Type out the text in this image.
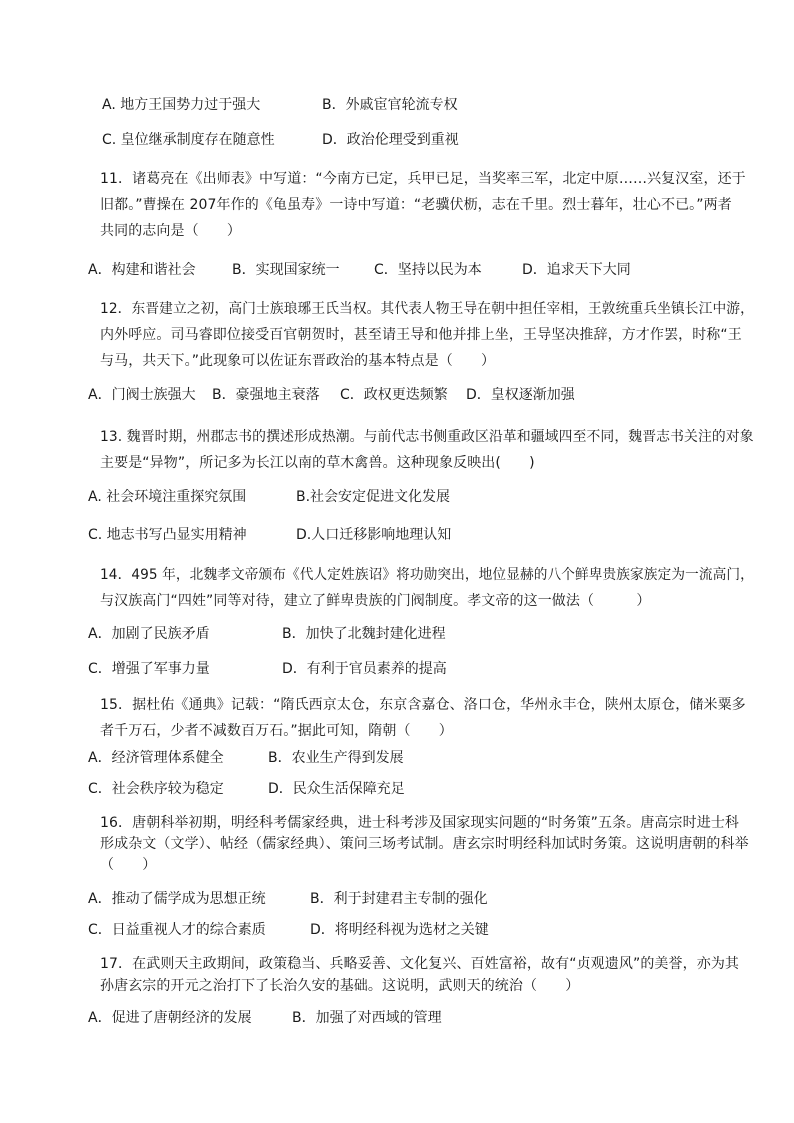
A. 地方王国势力过于强大	B．外戚宦官轮流专权
C. 皇位继承制度存在随意性	D．政治伦理受到重视
11．诸葛亮在《出师表》中写道：“今南方已定，兵甲已足，当奖率三军，北定中原……兴复汉室，还于
旧都。”曹操在 207年作的《龟虽寿》一诗中写道：“老骥伏枥，志在千里。烈士暮年，壮心不已。”两者
共同的志向是（　　）
A．构建和谐社会	B．实现国家统一 C．坚持以民为本	D．追求天下大同
12．东晋建立之初，高门士族琅琊王氏当权。其代表人物王导在朝中担任宰相，王敦统重兵坐镇长江中游，
内外呼应。司马睿即位接受百官朝贺时，甚至请王导和他并排上坐，王导坚决推辞，方才作罢，时称“王
与马，共天下。”此现象可以佐证东晋政治的基本特点是（　　）
A．门阀士族强大 B．豪强地主衰落 C．政权更迭频繁 D．皇权逐渐加强
13. 魏晋时期，州郡志书的撰述形成热潮。与前代志书侧重政区沿革和疆域四至不同，魏晋志书关注的对象
主要是“异物”，所记多为长江以南的草木禽兽。这种现象反映出(　　)
A. 社会环境注重探究氛围	B.社会安定促进文化发展
C. 地志书写凸显实用精神	D.人口迁移影响地理认知
14．495 年，北魏孝文帝颁布《代人定姓族诏》将功勋突出，地位显赫的八个鲜卑贵族家族定为一流高门，
与汉族高门“四姓”同等对待，建立了鲜卑贵族的门阀制度。孝文帝的这一做法（　　　）
A．加剧了民族矛盾	B．加快了北魏封建化进程
C．增强了军事力量	D．有利于官员素养的提高
15．据杜佑《通典》记载：“隋氏西京太仓，东京含嘉仓、洛口仓，华州永丰仓，陕州太原仓，储米粟多
者千万石，少者不减数百万石。”据此可知，隋朝（　　）
A．经济管理体系健全	B．农业生产得到发展
C．社会秩序较为稳定	D．民众生活保障充足
16．唐朝科举初期，明经科考儒家经典，进士科考涉及国家现实问题的“时务策”五条。唐高宗时进士科
形成杂文（文学）、帖经（儒家经典）、策问三场考试制。唐玄宗时明经科加试时务策。这说明唐朝的科举
（　　）
A．推动了儒学成为思想正统	B．利于封建君主专制的强化
C．日益重视人才的综合素质	D．将明经科视为选材之关键
17．在武则天主政期间，政策稳当、兵略妥善、文化复兴、百姓富裕，故有“贞观遗风”的美誉，亦为其
孙唐玄宗的开元之治打下了长治久安的基础。这说明，武则天的统治（　　）
A．促进了唐朝经济的发展	B．加强了对西域的管理
